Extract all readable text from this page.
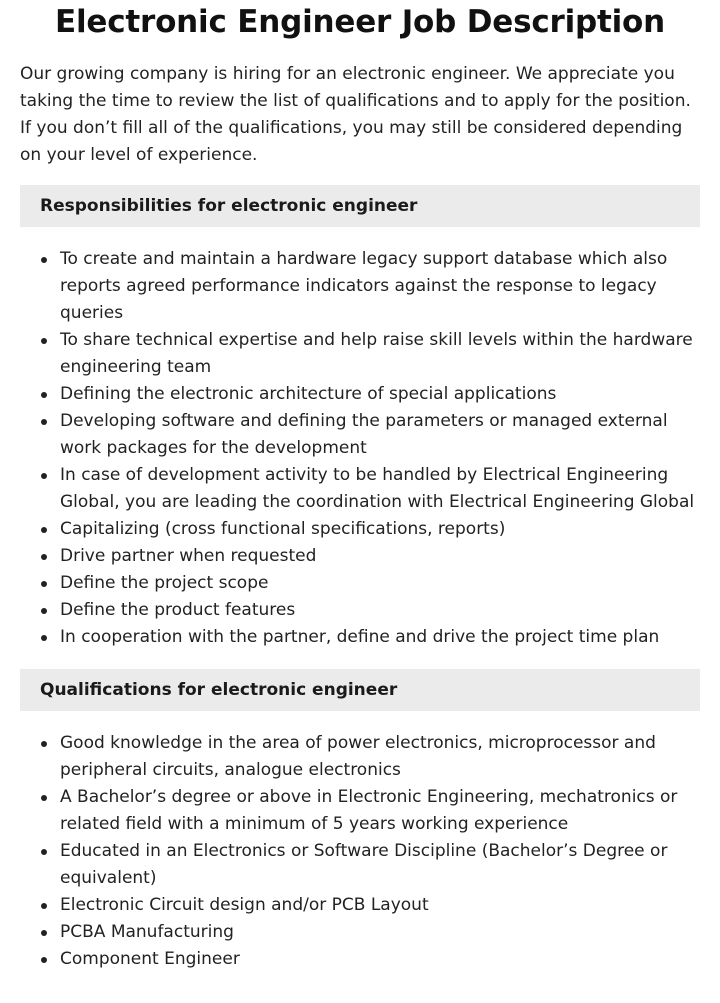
Electronic Engineer Job Description

Our growing company is hiring for an electronic engineer. We appreciate you taking the time to review the list of qualifications and to apply for the position. If you don’t fill all of the qualifications, you may still be considered depending on your level of experience.

Responsibilities for electronic engineer
To create and maintain a hardware legacy support database which also reports agreed performance indicators against the response to legacy queries
To share technical expertise and help raise skill levels within the hardware engineering team
Defining the electronic architecture of special applications
Developing software and defining the parameters or managed external work packages for the development
In case of development activity to be handled by Electrical Engineering Global, you are leading the coordination with Electrical Engineering Global
Capitalizing (cross functional specifications, reports)
Drive partner when requested
Define the project scope
Define the product features
In cooperation with the partner, define and drive the project time plan
Qualifications for electronic engineer
Good knowledge in the area of power electronics, microprocessor and peripheral circuits, analogue electronics
A Bachelor’s degree or above in Electronic Engineering, mechatronics or related field with a minimum of 5 years working experience
Educated in an Electronics or Software Discipline (Bachelor’s Degree or equivalent)
Electronic Circuit design and/or PCB Layout
PCBA Manufacturing
Component Engineer
